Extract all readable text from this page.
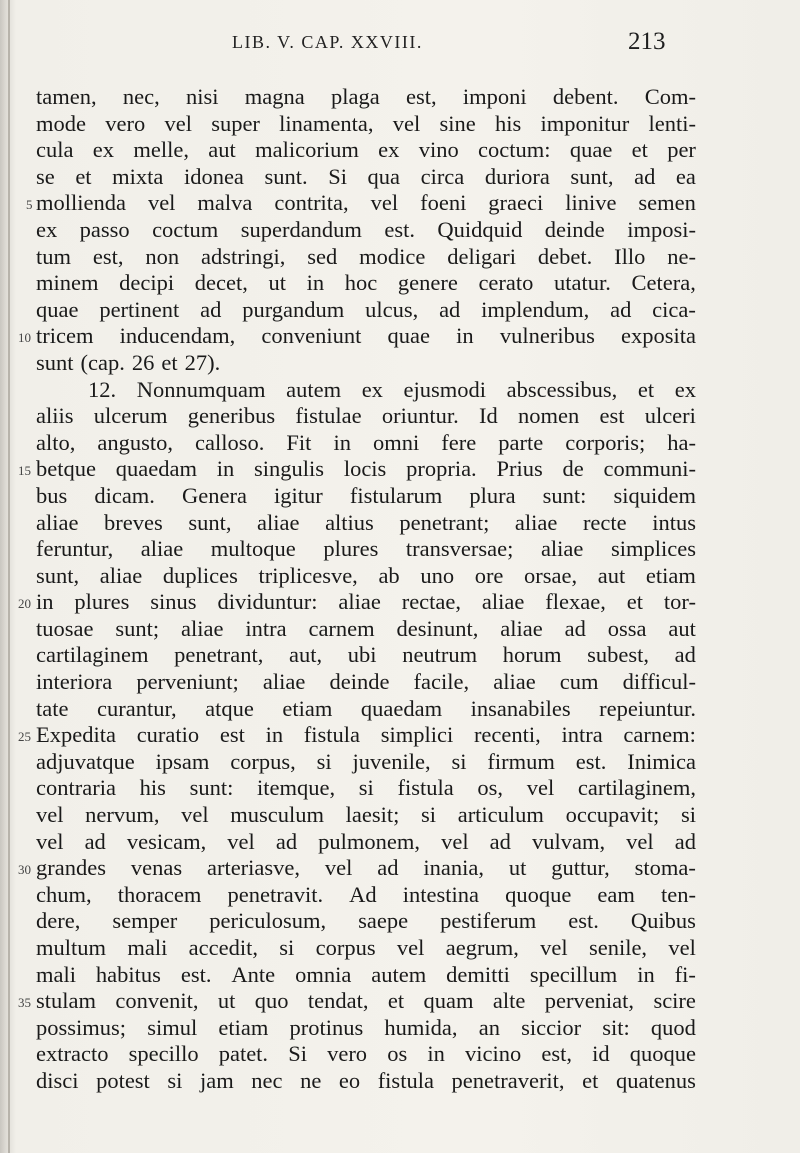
LIB. V. CAP. XXVIII.	213
tamen, nec, nisi magna plaga est, imponi debent. Com-
mode vero vel super linamenta, vel sine his imponitur lenti-
cula ex melle, aut malicorium ex vino coctum: quae et per
se et mixta idonea sunt. Si qua circa duriora sunt, ad ea
mollienda vel malva contrita, vel foeni graeci linive semen
ex passo coctum superdandum est. Quidquid deinde imposi-
tum est, non adstringi, sed modice deligari debet. Illo ne-
minem decipi decet, ut in hoc genere cerato utatur. Cetera,
quae pertinent ad purgandum ulcus, ad implendum, ad cica-
tricem inducendam, conveniunt quae in vulneribus exposita
sunt (cap. 26 et 27).
12. Nonnumquam autem ex ejusmodi abscessibus, et ex
aliis ulcerum generibus fistulae oriuntur. Id nomen est ulceri
alto, angusto, calloso. Fit in omni fere parte corporis; ha-
betque quaedam in singulis locis propria. Prius de communi-
bus dicam. Genera igitur fistularum plura sunt: siquidem
aliae breves sunt, aliae altius penetrant; aliae recte intus
feruntur, aliae multoque plures transversae; aliae simplices
sunt, aliae duplices triplicesve, ab uno ore orsae, aut etiam
in plures sinus dividuntur: aliae rectae, aliae flexae, et tor-
tuosae sunt; aliae intra carnem desinunt, aliae ad ossa aut
cartilaginem penetrant, aut, ubi neutrum horum subest, ad
interiora perveniunt; aliae deinde facile, aliae cum difficul-
tate curantur, atque etiam quaedam insanabiles repeiuntur.
Expedita curatio est in fistula simplici recenti, intra carnem:
adjuvatque ipsam corpus, si juvenile, si firmum est. Inimica
contraria his sunt: itemque, si fistula os, vel cartilaginem,
vel nervum, vel musculum laesit; si articulum occupavit; si
vel ad vesicam, vel ad pulmonem, vel ad vulvam, vel ad
grandes venas arteriasve, vel ad inania, ut guttur, stoma-
chum, thoracem penetravit. Ad intestina quoque eam ten-
dere, semper periculosum, saepe pestiferum est. Quibus
multum mali accedit, si corpus vel aegrum, vel senile, vel
mali habitus est. Ante omnia autem demitti specillum in fi-
stulam convenit, ut quo tendat, et quam alte perveniat, scire
possimus; simul etiam protinus humida, an siccior sit: quod
extracto specillo patet. Si vero os in vicino est, id quoque
disci potest si jam nec ne eo fistula penetraverit, et quatenus
5
10
15
20
25
30
35
